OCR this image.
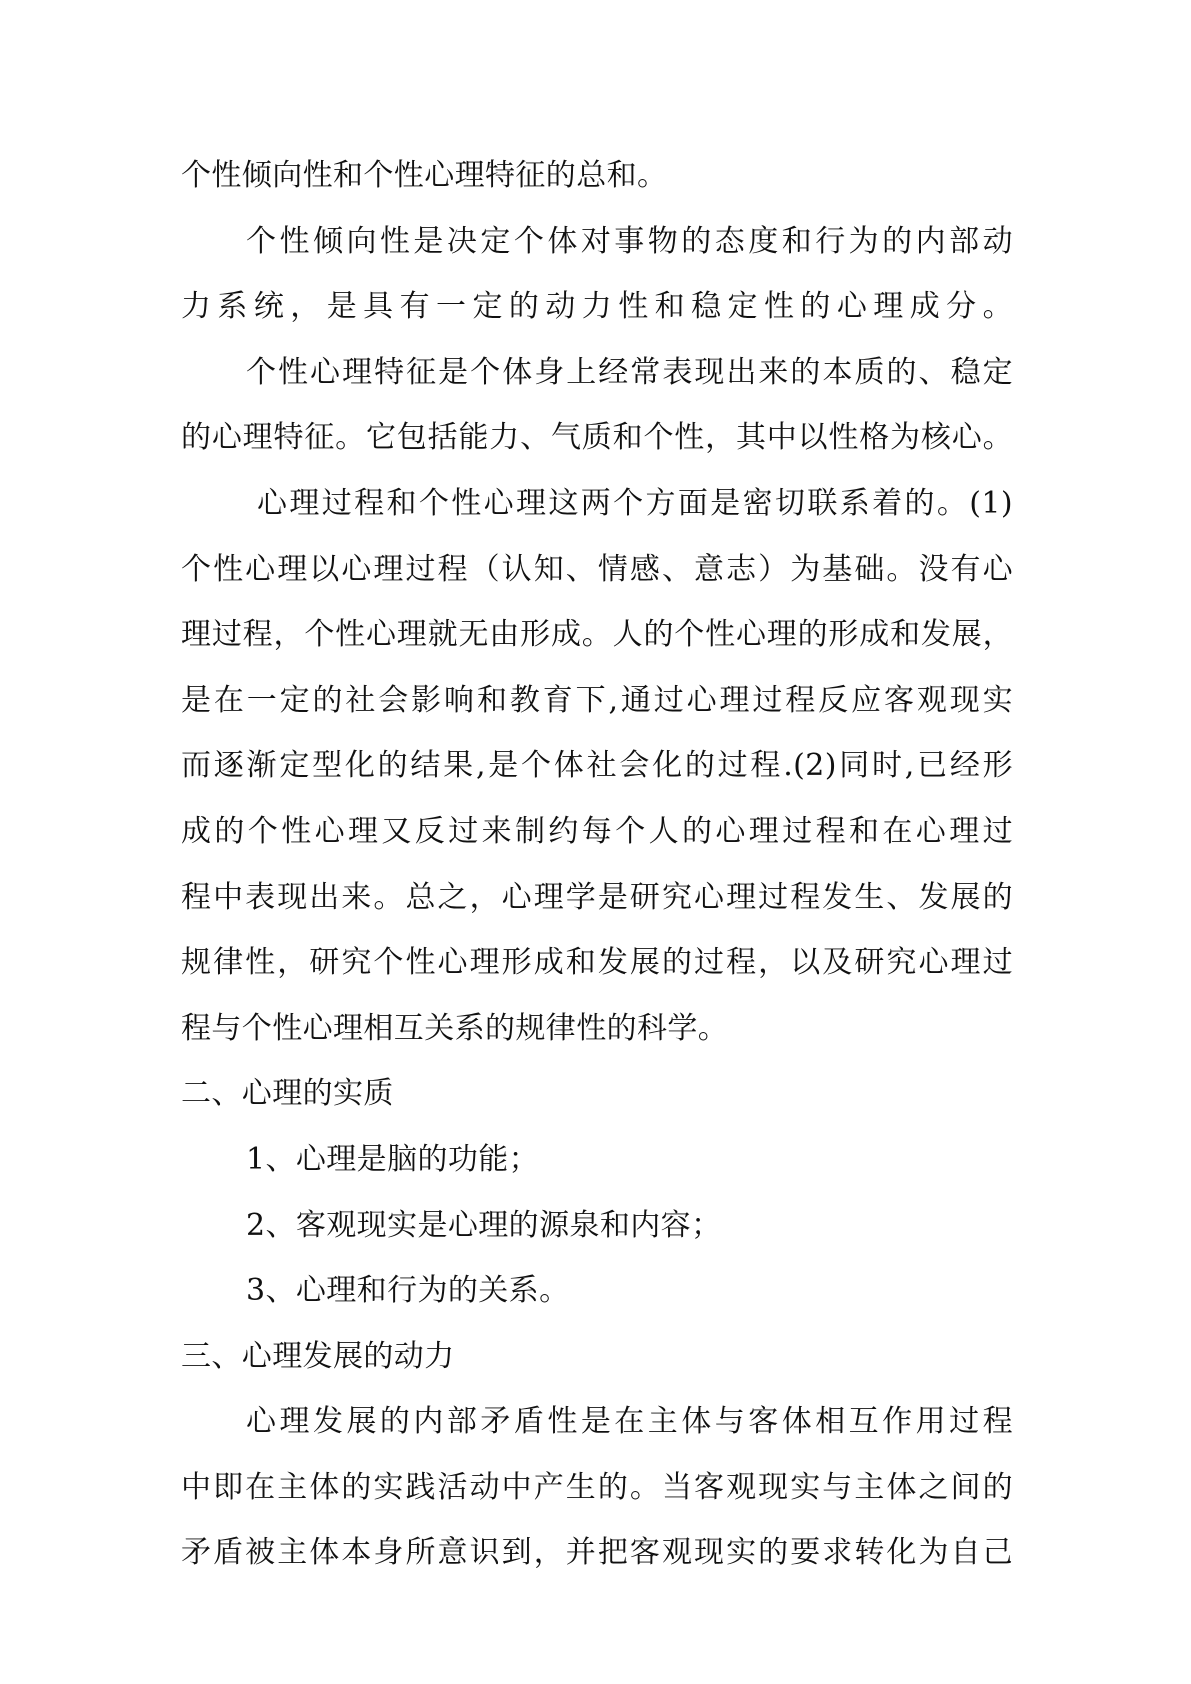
个性倾向性和个性心理特征的总和。
个性倾向性是决定个体对事物的态度和行为的内部动
力系统，是具有一定的动力性和稳定性的心理成分。
个性心理特征是个体身上经常表现出来的本质的、稳定
的心理特征。它包括能力、气质和个性，其中以性格为核心。
心理过程和个性心理这两个方面是密切联系着的。(1)
个性心理以心理过程（认知、情感、意志）为基础。没有心
理过程，个性心理就无由形成。人的个性心理的形成和发展，
是在一定的社会影响和教育下,通过心理过程反应客观现实
而逐渐定型化的结果,是个体社会化的过程.(2)同时,已经形
成的个性心理又反过来制约每个人的心理过程和在心理过
程中表现出来。总之，心理学是研究心理过程发生、发展的
规律性，研究个性心理形成和发展的过程，以及研究心理过
程与个性心理相互关系的规律性的科学。
二、心理的实质
1、心理是脑的功能；
2、客观现实是心理的源泉和内容；
3、心理和行为的关系。
三、心理发展的动力
心理发展的内部矛盾性是在主体与客体相互作用过程
中即在主体的实践活动中产生的。当客观现实与主体之间的
矛盾被主体本身所意识到，并把客观现实的要求转化为自己
